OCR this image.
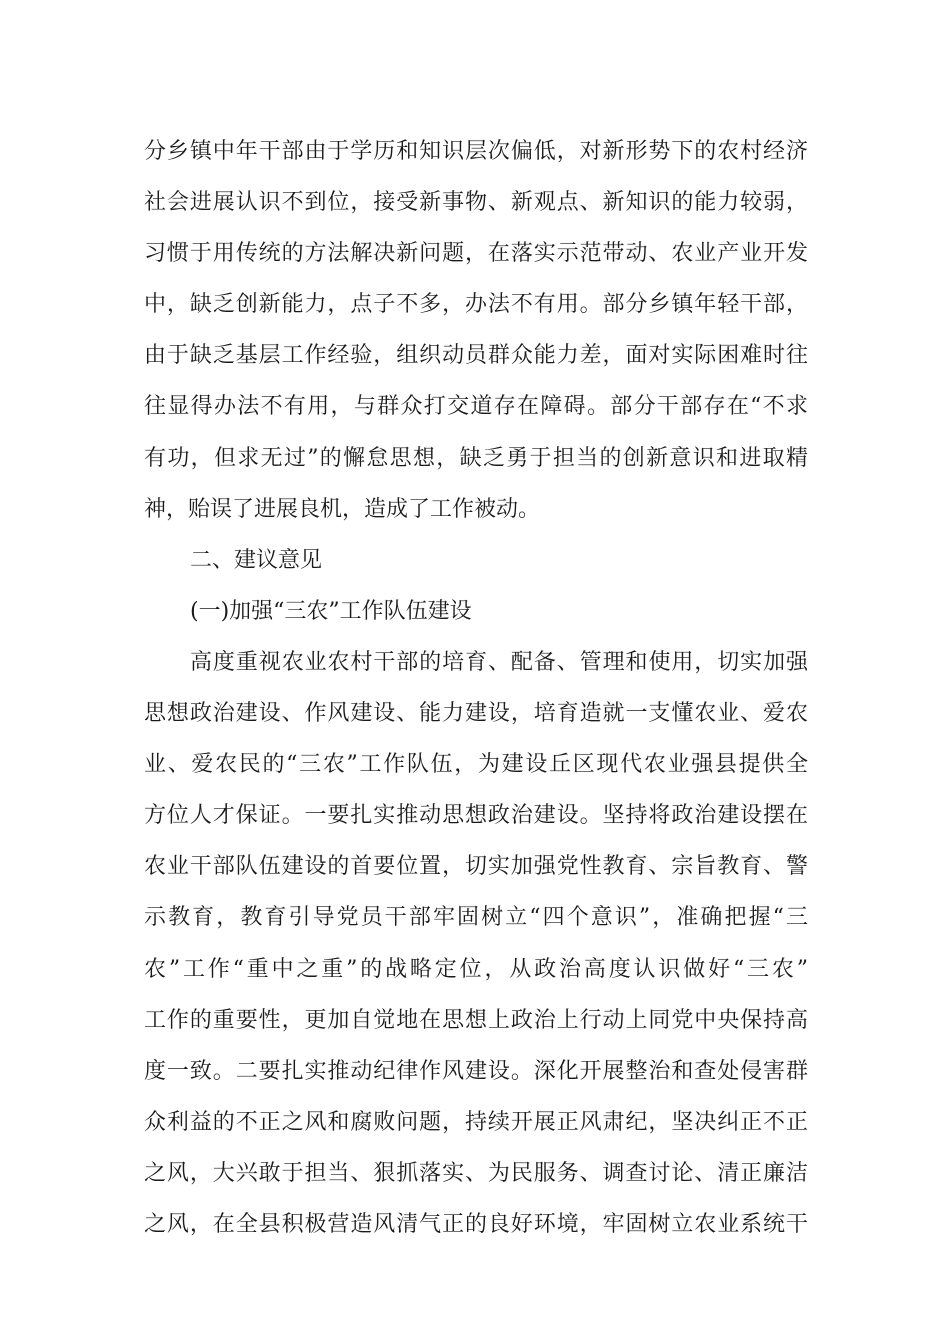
分乡镇中年干部由于学历和知识层次偏低，对新形势下的农村经济
社会进展认识不到位，接受新事物、新观点、新知识的能力较弱，
习惯于用传统的方法解决新问题，在落实示范带动、农业产业开发
中，缺乏创新能力，点子不多，办法不有用。部分乡镇年轻干部，
由于缺乏基层工作经验，组织动员群众能力差，面对实际困难时往
往显得办法不有用，与群众打交道存在障碍。部分干部存在“不求
有功，但求无过”的懈怠思想，缺乏勇于担当的创新意识和进取精
神，贻误了进展良机，造成了工作被动。
二、建议意见
(一)加强“三农”工作队伍建设
高度重视农业农村干部的培育、配备、管理和使用，切实加强
思想政治建设、作风建设、能力建设，培育造就一支懂农业、爱农
业、爱农民的“三农”工作队伍，为建设丘区现代农业强县提供全
方位人才保证。一要扎实推动思想政治建设。坚持将政治建设摆在
农业干部队伍建设的首要位置，切实加强党性教育、宗旨教育、警
示教育，教育引导党员干部牢固树立“四个意识”，准确把握“三
农”工作“重中之重”的战略定位，从政治高度认识做好“三农”
工作的重要性，更加自觉地在思想上政治上行动上同党中央保持高
度一致。二要扎实推动纪律作风建设。深化开展整治和查处侵害群
众利益的不正之风和腐败问题，持续开展正风肃纪，坚决纠正不正
之风，大兴敢于担当、狠抓落实、为民服务、调查讨论、清正廉洁
之风，在全县积极营造风清气正的良好环境，牢固树立农业系统干
